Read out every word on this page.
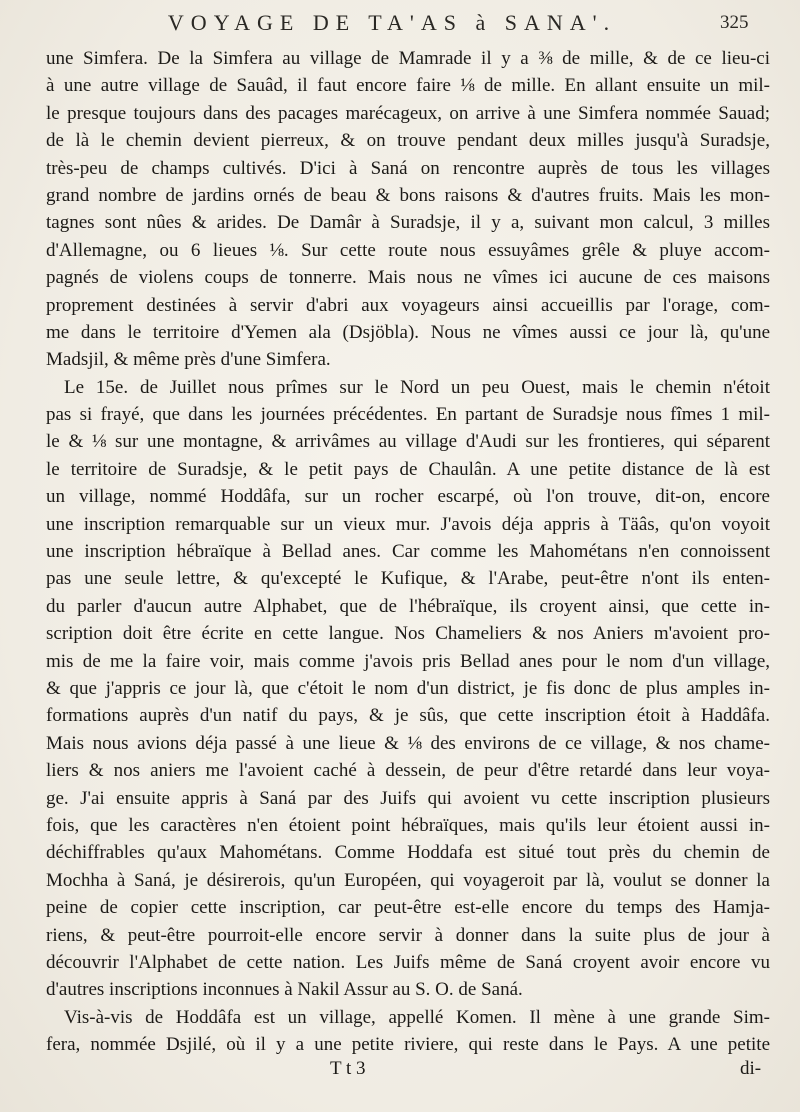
VOYAGE DE TA'AS à SANA'.	325
une Simfera. De la Simfera au village de Mamrade il y a ⅜ de mille, & de ce lieu-ci
à une autre village de Sauâd, il faut encore faire ⅛ de mille. En allant ensuite un mil-
le presque toujours dans des pacages marécageux, on arrive à une Simfera nommée Sauad;
de là le chemin devient pierreux, & on trouve pendant deux milles jusqu'à Suradsje,
très-peu de champs cultivés. D'ici à Saná on rencontre auprès de tous les villages
grand nombre de jardins ornés de beau & bons raisons & d'autres fruits. Mais les mon-
tagnes sont nûes & arides. De Damâr à Suradsje, il y a, suivant mon calcul, 3 milles
d'Allemagne, ou 6 lieues ⅛. Sur cette route nous essuyâmes grêle & pluye accom-
pagnés de violens coups de tonnerre. Mais nous ne vîmes ici aucune de ces maisons
proprement destinées à servir d'abri aux voyageurs ainsi accueillis par l'orage, com-
me dans le territoire d'Yemen ala (Dsjöbla). Nous ne vîmes aussi ce jour là, qu'une
Madsjil, & même près d'une Simfera.
Le 15e. de Juillet nous prîmes sur le Nord un peu Ouest, mais le chemin n'étoit
pas si frayé, que dans les journées précédentes. En partant de Suradsje nous fîmes 1 mil-
le & ⅛ sur une montagne, & arrivâmes au village d'Audi sur les frontieres, qui séparent
le territoire de Suradsje, & le petit pays de Chaulân. A une petite distance de là est
un village, nommé Hoddâfa, sur un rocher escarpé, où l'on trouve, dit-on, encore
une inscription remarquable sur un vieux mur. J'avois déja appris à Täâs, qu'on voyoit
une inscription hébraïque à Bellad anes. Car comme les Mahométans n'en connoissent
pas une seule lettre, & qu'excepté le Kufique, & l'Arabe, peut-être n'ont ils enten-
du parler d'aucun autre Alphabet, que de l'hébraïque, ils croyent ainsi, que cette in-
scription doit être écrite en cette langue. Nos Chameliers & nos Aniers m'avoient pro-
mis de me la faire voir, mais comme j'avois pris Bellad anes pour le nom d'un village,
& que j'appris ce jour là, que c'étoit le nom d'un district, je fis donc de plus amples in-
formations auprès d'un natif du pays, & je sûs, que cette inscription étoit à Haddâfa.
Mais nous avions déja passé à une lieue & ⅛ des environs de ce village, & nos chame-
liers & nos aniers me l'avoient caché à dessein, de peur d'être retardé dans leur voya-
ge. J'ai ensuite appris à Saná par des Juifs qui avoient vu cette inscription plusieurs
fois, que les caractères n'en étoient point hébraïques, mais qu'ils leur étoient aussi in-
déchiffrables qu'aux Mahométans. Comme Hoddafa est situé tout près du chemin de
Mochha à Saná, je désirerois, qu'un Européen, qui voyageroit par là, voulut se donner la
peine de copier cette inscription, car peut-être est-elle encore du temps des Hamja-
riens, & peut-être pourroit-elle encore servir à donner dans la suite plus de jour à
découvrir l'Alphabet de cette nation. Les Juifs même de Saná croyent avoir encore vu
d'autres inscriptions inconnues à Nakil Assur au S. O. de Saná.
Vis-à-vis de Hoddâfa est un village, appellé Komen. Il mène à une grande Sim-
fera, nommée Dsjilé, où il y a une petite riviere, qui reste dans le Pays. A une petite
T t 3	di-
